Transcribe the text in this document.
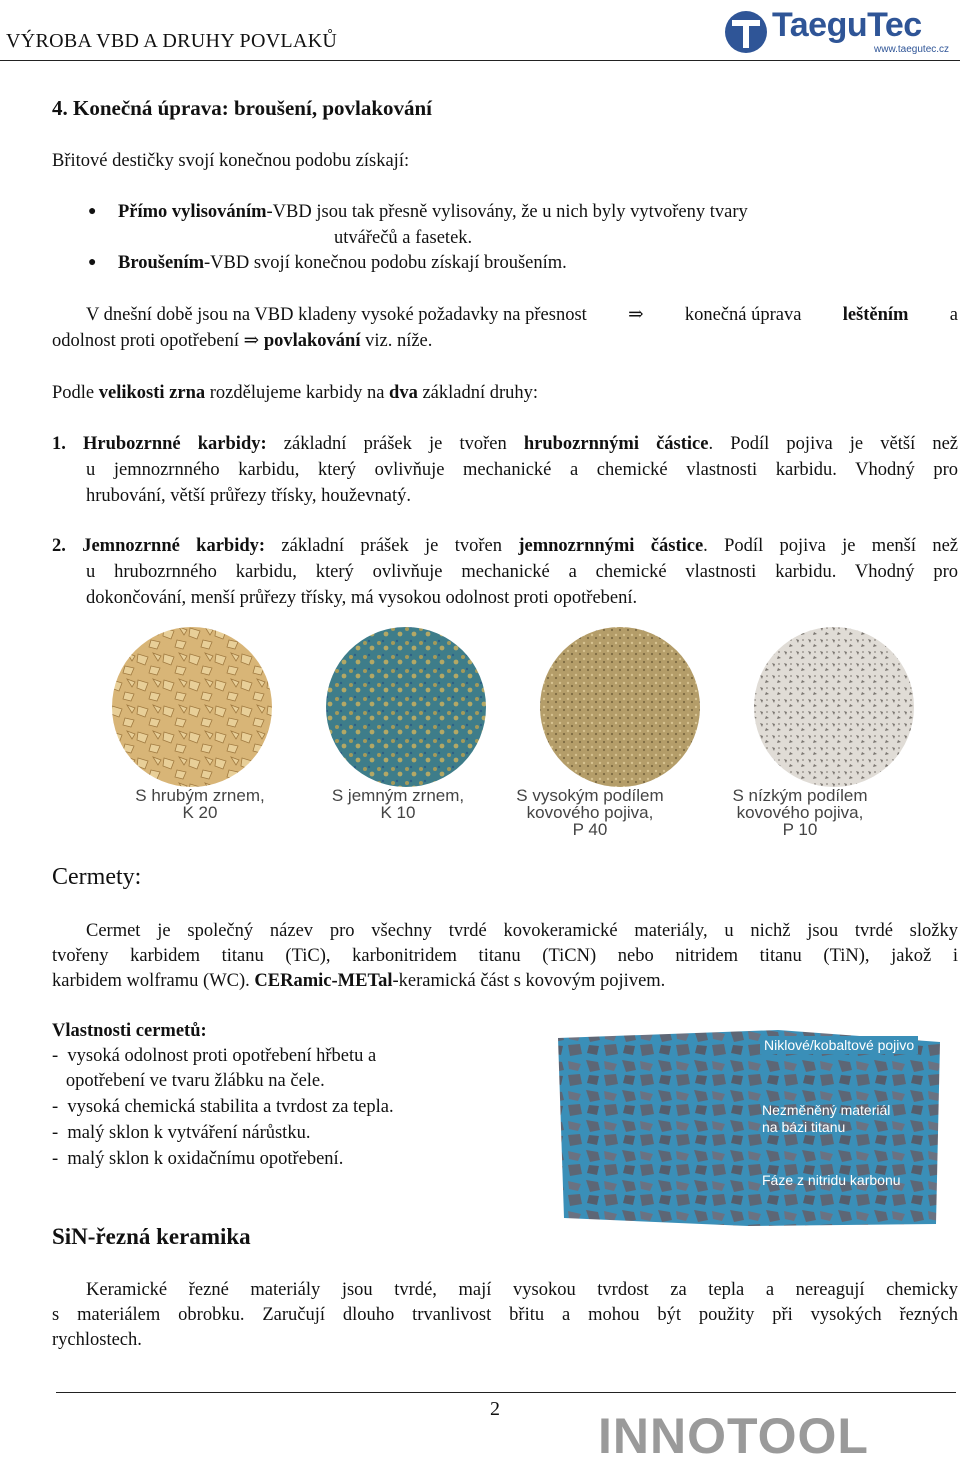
VÝROBA VBD A DRUHY POVLAKŮ	TaeguTec
www.taegutec.cz
4. Konečná úprava: broušení, povlakování
Břitové destičky svojí konečnou podobu získají:
● Přímo vylisováním-VBD jsou tak přesně vylisovány, že u nich byly vytvořeny tvary
utvářečů a fasetek.
● Broušením-VBD svojí konečnou podobu získají broušením.
V dnešní době jsou na VBD kladeny vysoké požadavky na přesnost ⇒ konečná úprava leštěním a
odolnost proti opotřebení ⇒ povlakování viz. níže.
Podle velikosti zrna rozdělujeme karbidy na dva základní druhy:
1. Hrubozrnné karbidy: základní prášek je tvořen hrubozrnnými částice. Podíl pojiva je větší než
u jemnozrnného karbidu, který ovlivňuje mechanické a chemické vlastnosti karbidu. Vhodný pro
hrubování, větší průřezy třísky, houževnatý.
2. Jemnozrnné karbidy: základní prášek je tvořen jemnozrnnými částice. Podíl pojiva je menší než
u hrubozrnného karbidu, který ovlivňuje mechanické a chemické vlastnosti karbidu. Vhodný pro
dokončování, menší průřezy třísky, má vysokou odolnost proti opotřebení.
S hrubým zrnem,
K 20
S jemným zrnem,
K 10
S vysokým podílem
kovového pojiva,
P 40
S nízkým podílem
kovového pojiva,
P 10
Cermety:
Cermet je společný název pro všechny tvrdé kovokeramické materiály, u nichž jsou tvrdé složky
tvořeny karbidem titanu (TiC), karbonitridem titanu (TiCN) nebo nitridem titanu (TiN), jakož i
karbidem wolframu (WC). CERamic-METal-keramická část s kovovým pojivem.
Vlastnosti cermetů:
-  vysoká odolnost proti opotřebení hřbetu a
opotřebení ve tvaru žlábku na čele.
-  vysoká chemická stabilita a tvrdost za tepla.
-  malý sklon k vytváření nárůstku.
-  malý sklon k oxidačnímu opotřebení.
Niklové/kobaltové pojivo
Nezměněný materiál
na bázi titanu
Fáze z nitridu karbonu
SiN-řezná keramika
Keramické řezné materiály jsou tvrdé, mají vysokou tvrdost za tepla a nereagují chemicky
s materiálem obrobku. Zaručují dlouho trvanlivost břitu a mohou být použity při vysokých řezných
rychlostech.
2 INNOTOOL
